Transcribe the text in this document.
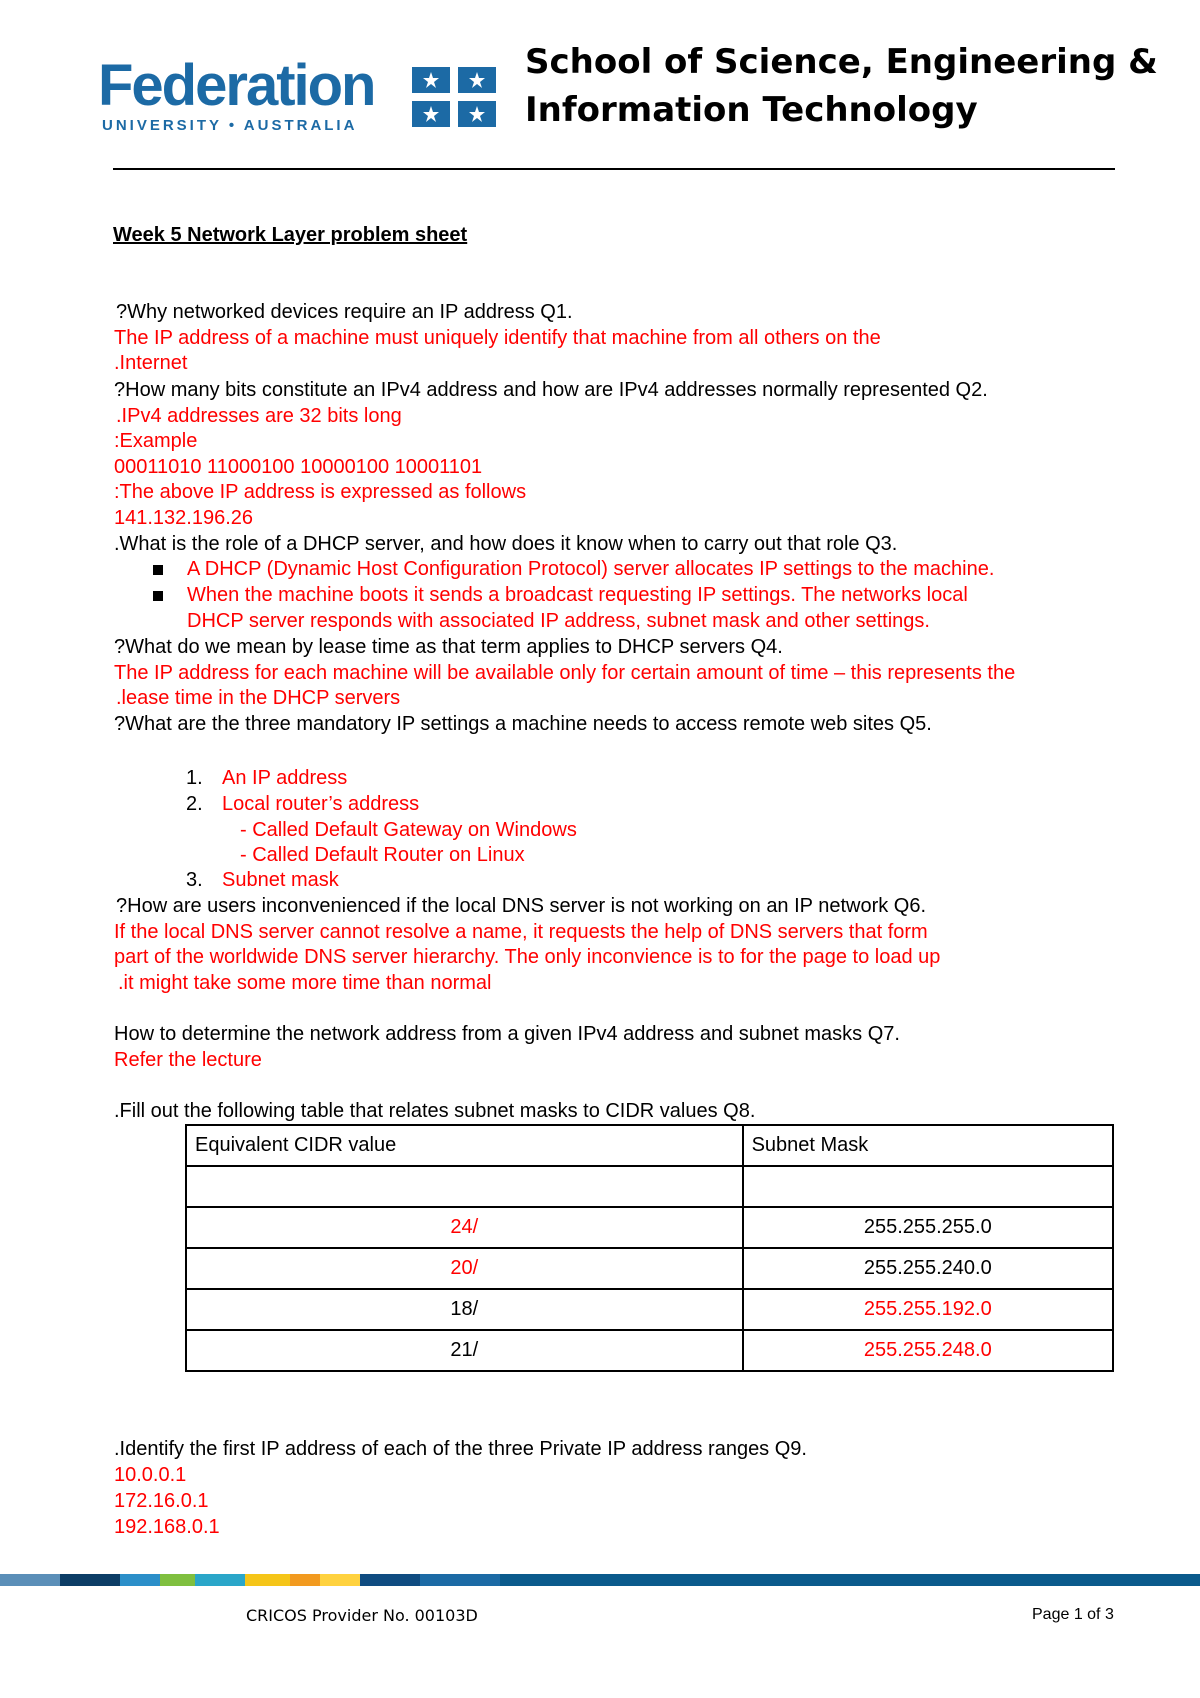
Federation
UNIVERSITY • AUSTRALIA
School of Science, Engineering &
Information Technology
Week 5 Network Layer problem sheet
?Why networked devices require an IP address Q1.
The IP address of a machine must uniquely identify that machine from all others on the
.Internet
?How many bits constitute an IPv4 address and how are IPv4 addresses normally represented Q2.
.IPv4 addresses are 32 bits long
:Example
00011010 11000100 10000100 10001101
:The above IP address is expressed as follows
141.132.196.26
.What is the role of a DHCP server, and how does it know when to carry out that role Q3.
A DHCP (Dynamic Host Configuration Protocol) server allocates IP settings to the machine.
When the machine boots it sends a broadcast requesting IP settings. The networks local
DHCP server responds with associated IP address, subnet mask and other settings.
?What do we mean by lease time as that term applies to DHCP servers Q4.
The IP address for each machine will be available only for certain amount of time – this represents the
.lease time in the DHCP servers
?What are the three mandatory IP settings a machine needs to access remote web sites Q5.
1. An IP address
2. Local router’s address
- Called Default Gateway on Windows
- Called Default Router on Linux
3. Subnet mask
?How are users inconvenienced if the local DNS server is not working on an IP network Q6.
If the local DNS server cannot resolve a name, it requests the help of DNS servers that form
part of the worldwide DNS server hierarchy. The only inconvience is to for the page to load up
.it might take some more time than normal
How to determine the network address from a given IPv4 address and subnet masks Q7.
Refer the lecture
.Fill out the following table that relates subnet masks to CIDR values Q8.
Equivalent CIDR value	Subnet Mask

24/	255.255.255.0
20/	255.255.240.0
18/	255.255.192.0
21/	255.255.248.0
.Identify the first IP address of each of the three Private IP address ranges Q9.
10.0.0.1
172.16.0.1
192.168.0.1
CRICOS Provider No. 00103D	Page 1 of 3
